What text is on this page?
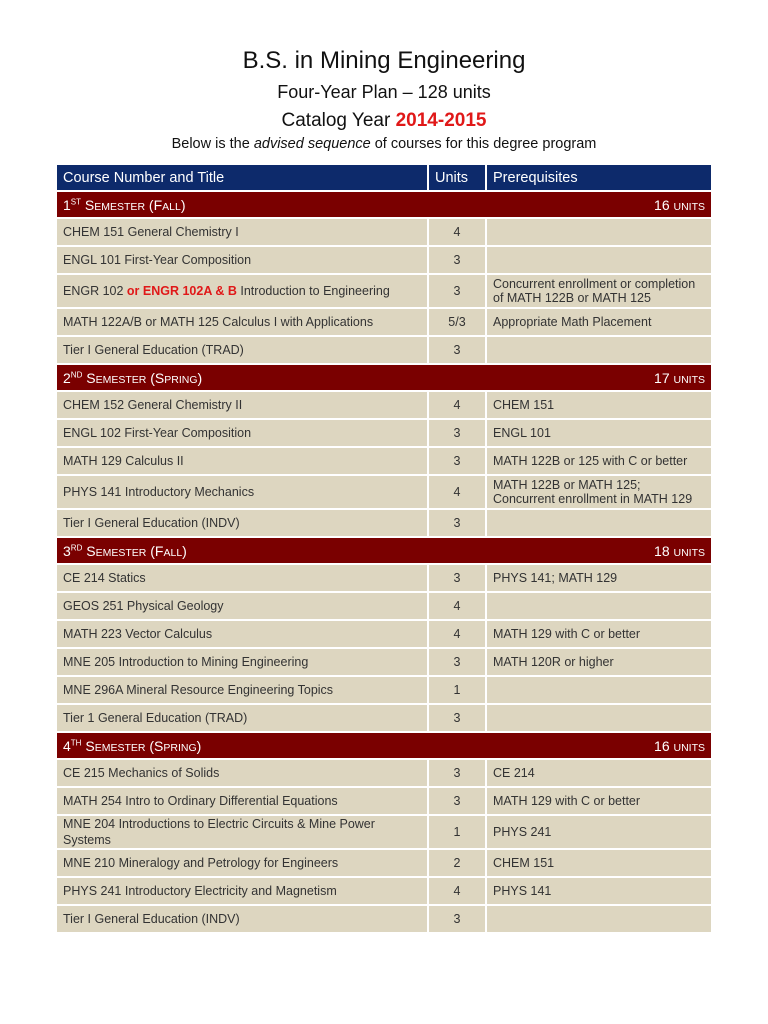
B.S. in Mining Engineering
Four-Year Plan – 128 units
Catalog Year 2014-2015
Below is the advised sequence of courses for this degree program
Course Number and Title	Units	Prerequisites
1ST SEMESTER (FALL)		16 UNITS
CHEM 151 General Chemistry I	4	
ENGL 101 First-Year Composition	3	
ENGR 102 or ENGR 102A & B Introduction to Engineering	3	Concurrent enrollment or completion of MATH 122B or MATH 125
MATH 122A/B or MATH 125 Calculus I with Applications	5/3	Appropriate Math Placement
Tier I General Education (TRAD)	3	
2ND SEMESTER (SPRING)		17 UNITS
CHEM 152 General Chemistry II	4	CHEM 151
ENGL 102 First-Year Composition	3	ENGL 101
MATH 129 Calculus II	3	MATH 122B or 125 with C or better
PHYS 141 Introductory Mechanics	4	MATH 122B or MATH 125; Concurrent enrollment in MATH 129
Tier I General Education (INDV)	3	
3RD SEMESTER (FALL)		18 UNITS
CE 214 Statics	3	PHYS 141; MATH 129
GEOS 251 Physical Geology	4	
MATH 223 Vector Calculus	4	MATH 129 with C or better
MNE 205 Introduction to Mining Engineering	3	MATH 120R or higher
MNE 296A Mineral Resource Engineering Topics	1	
Tier 1 General Education (TRAD)	3	
4TH SEMESTER (SPRING)		16 UNITS
CE 215 Mechanics of Solids	3	CE 214
MATH 254 Intro to Ordinary Differential Equations	3	MATH 129 with C or better
MNE 204 Introductions to Electric Circuits & Mine Power Systems	1	PHYS 241
MNE 210 Mineralogy and Petrology for Engineers	2	CHEM 151
PHYS 241 Introductory Electricity and Magnetism	4	PHYS 141
Tier I General Education (INDV)	3	
